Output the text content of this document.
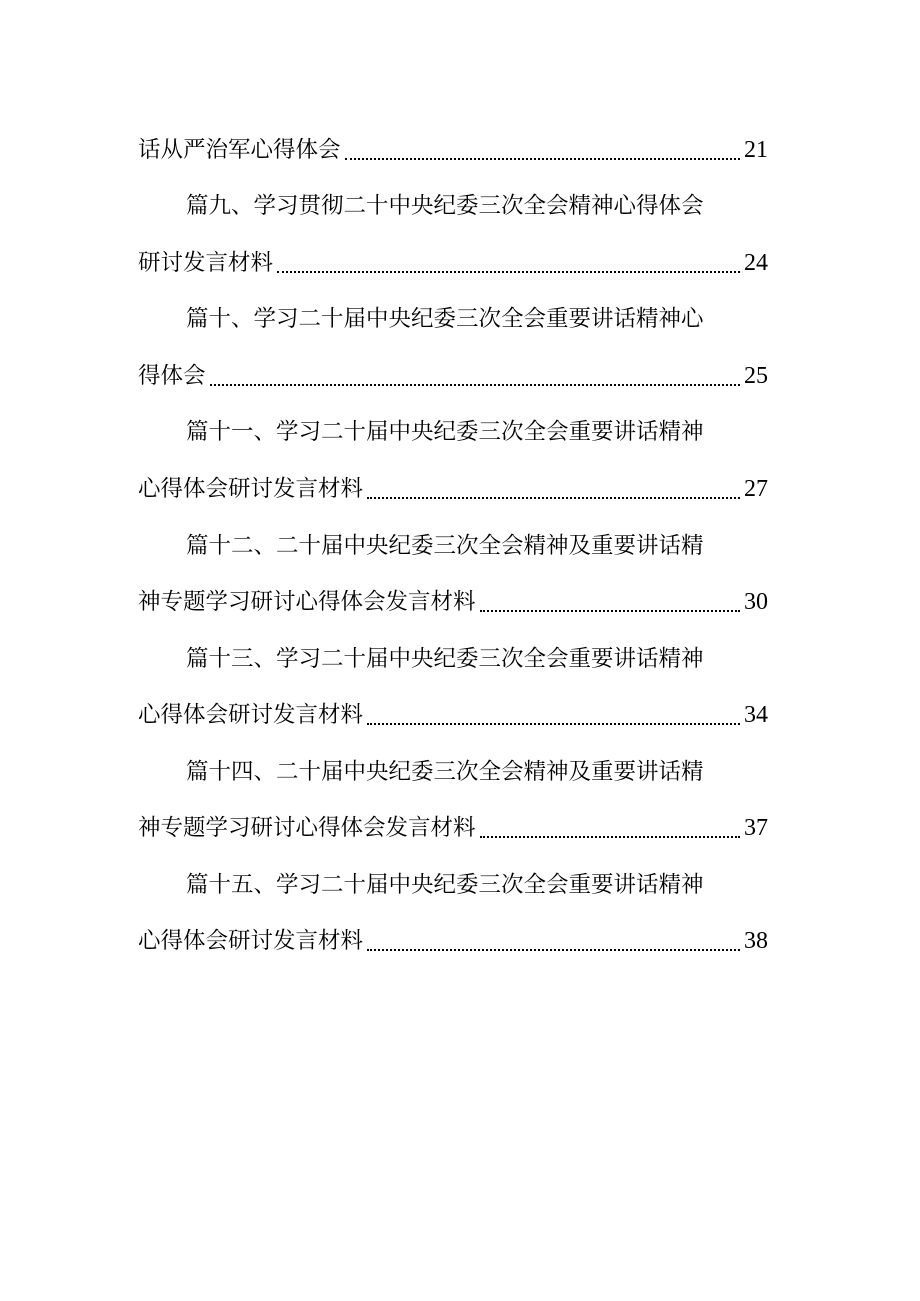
话从严治军心得体会	21
篇九、学习贯彻二十中央纪委三次全会精神心得体会
研讨发言材料	24
篇十、学习二十届中央纪委三次全会重要讲话精神心
得体会	25
篇十一、学习二十届中央纪委三次全会重要讲话精神
心得体会研讨发言材料	27
篇十二、二十届中央纪委三次全会精神及重要讲话精
神专题学习研讨心得体会发言材料	30
篇十三、学习二十届中央纪委三次全会重要讲话精神
心得体会研讨发言材料	34
篇十四、二十届中央纪委三次全会精神及重要讲话精
神专题学习研讨心得体会发言材料	37
篇十五、学习二十届中央纪委三次全会重要讲话精神
心得体会研讨发言材料	38
